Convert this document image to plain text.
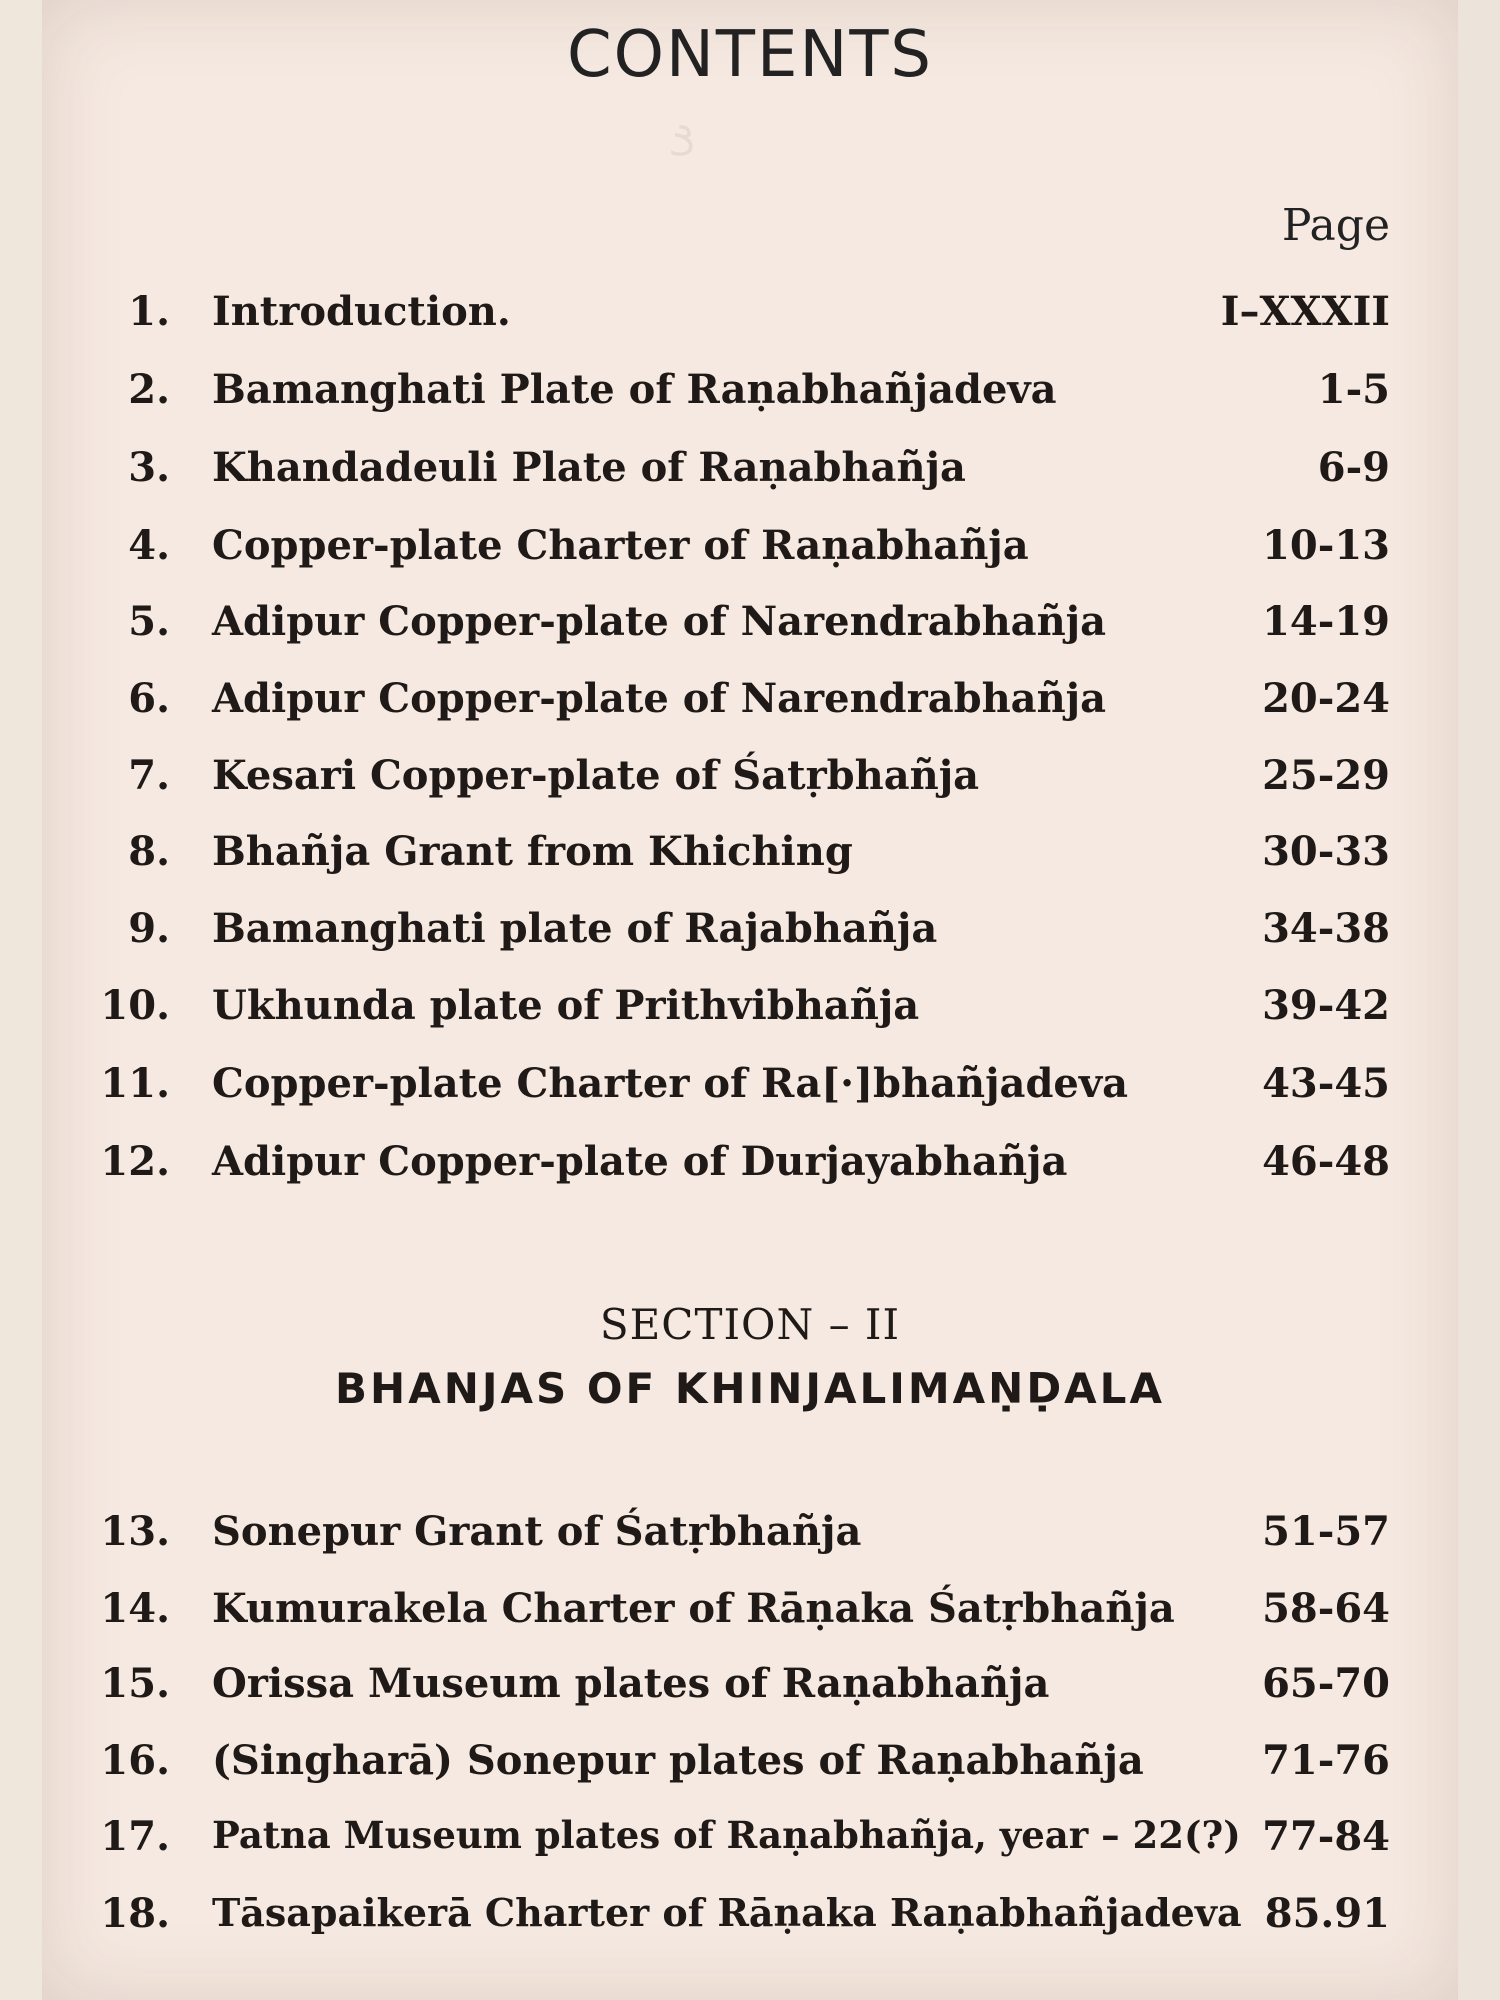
ﻉ‌‌‌‌ ‌‌‌‌ ‌ ‌ ‌
CONTENTS
Page
1. Introduction.	I–XXXII
2. Bamanghati Plate of Raṇabhañjadeva	1-5
3. Khandadeuli Plate of Raṇabhañja	6-9
4. Copper-plate Charter of Raṇabhañja	10-13
5. Adipur Copper-plate of Narendrabhañja	14-19
6. Adipur Copper-plate of Narendrabhañja	20-24
7. Kesari Copper-plate of Śatṛbhañja	25-29
8. Bhañja Grant from Khiching	30-33
9. Bamanghati plate of Rajabhañja	34-38
10. Ukhunda plate of Prithvibhañja	39-42
11. Copper-plate Charter of Ra[·]bhañjadeva	43-45
12. Adipur Copper-plate of Durjayabhañja	46-48
SECTION – II
BHANJAS OF KHINJALIMAṆḌALA
13. Sonepur Grant of Śatṛbhañja	51-57
14. Kumurakela Charter of Rāṇaka Śatṛbhañja 58-64
15. Orissa Museum plates of Raṇabhañja	65-70
16. (Singharā) Sonepur plates of Raṇabhañja	71-76
17. Patna Museum plates of Raṇabhañja, year – 22(?) 77-84
18. Tāsapaikerā Charter of Rāṇaka Raṇabhañjadeva 85.91
